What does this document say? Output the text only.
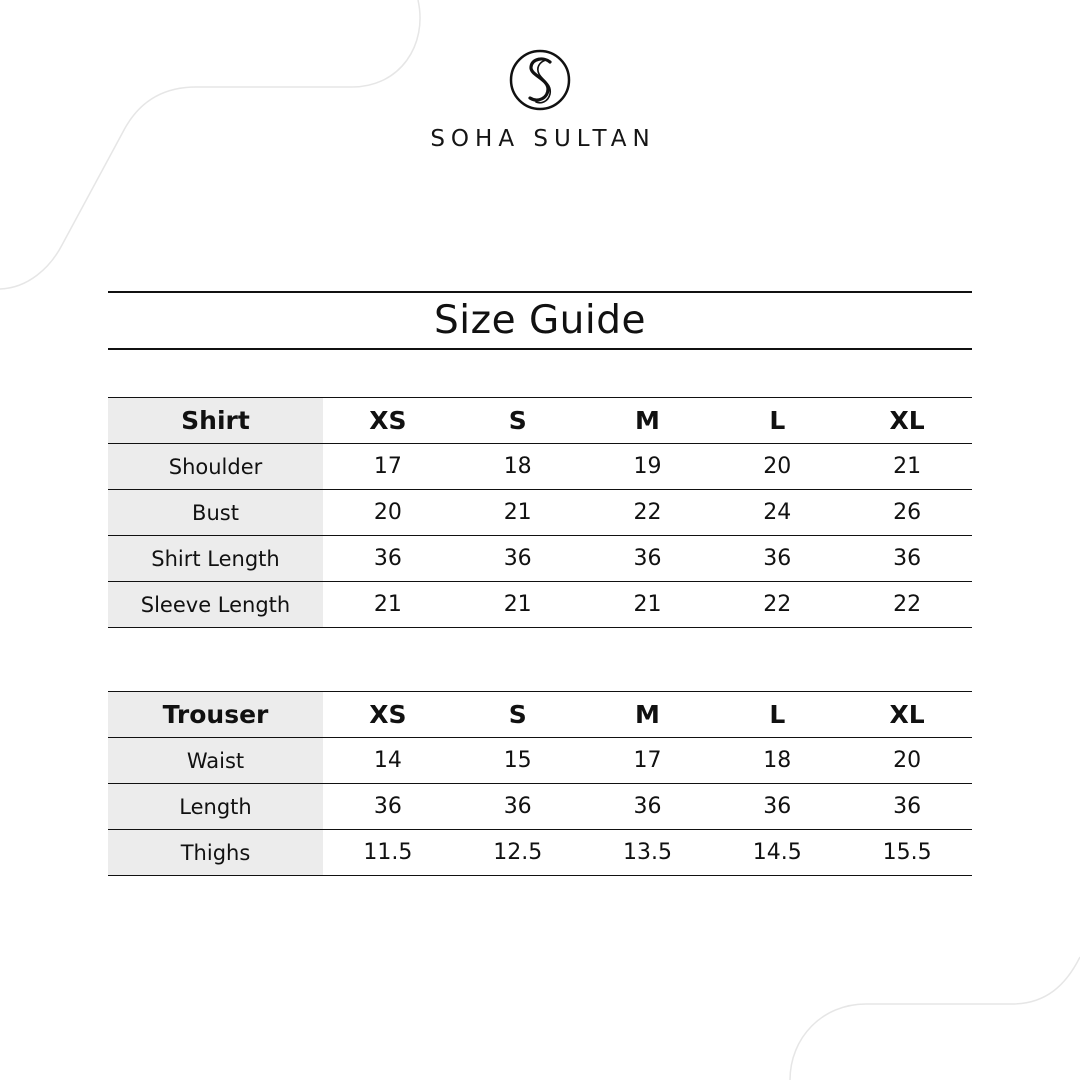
SOHA SULTAN
Size Guide
Shirt	XS	S	M	L	XL
Shoulder	17	18	19	20	21
Bust	20	21	22	24	26
Shirt Length	36	36	36	36	36
Sleeve Length	21	21	21	22	22
Trouser	XS	S	M	L	XL
Waist	14	15	17	18	20
Length	36	36	36	36	36
Thighs	11.5	12.5	13.5	14.5	15.5
